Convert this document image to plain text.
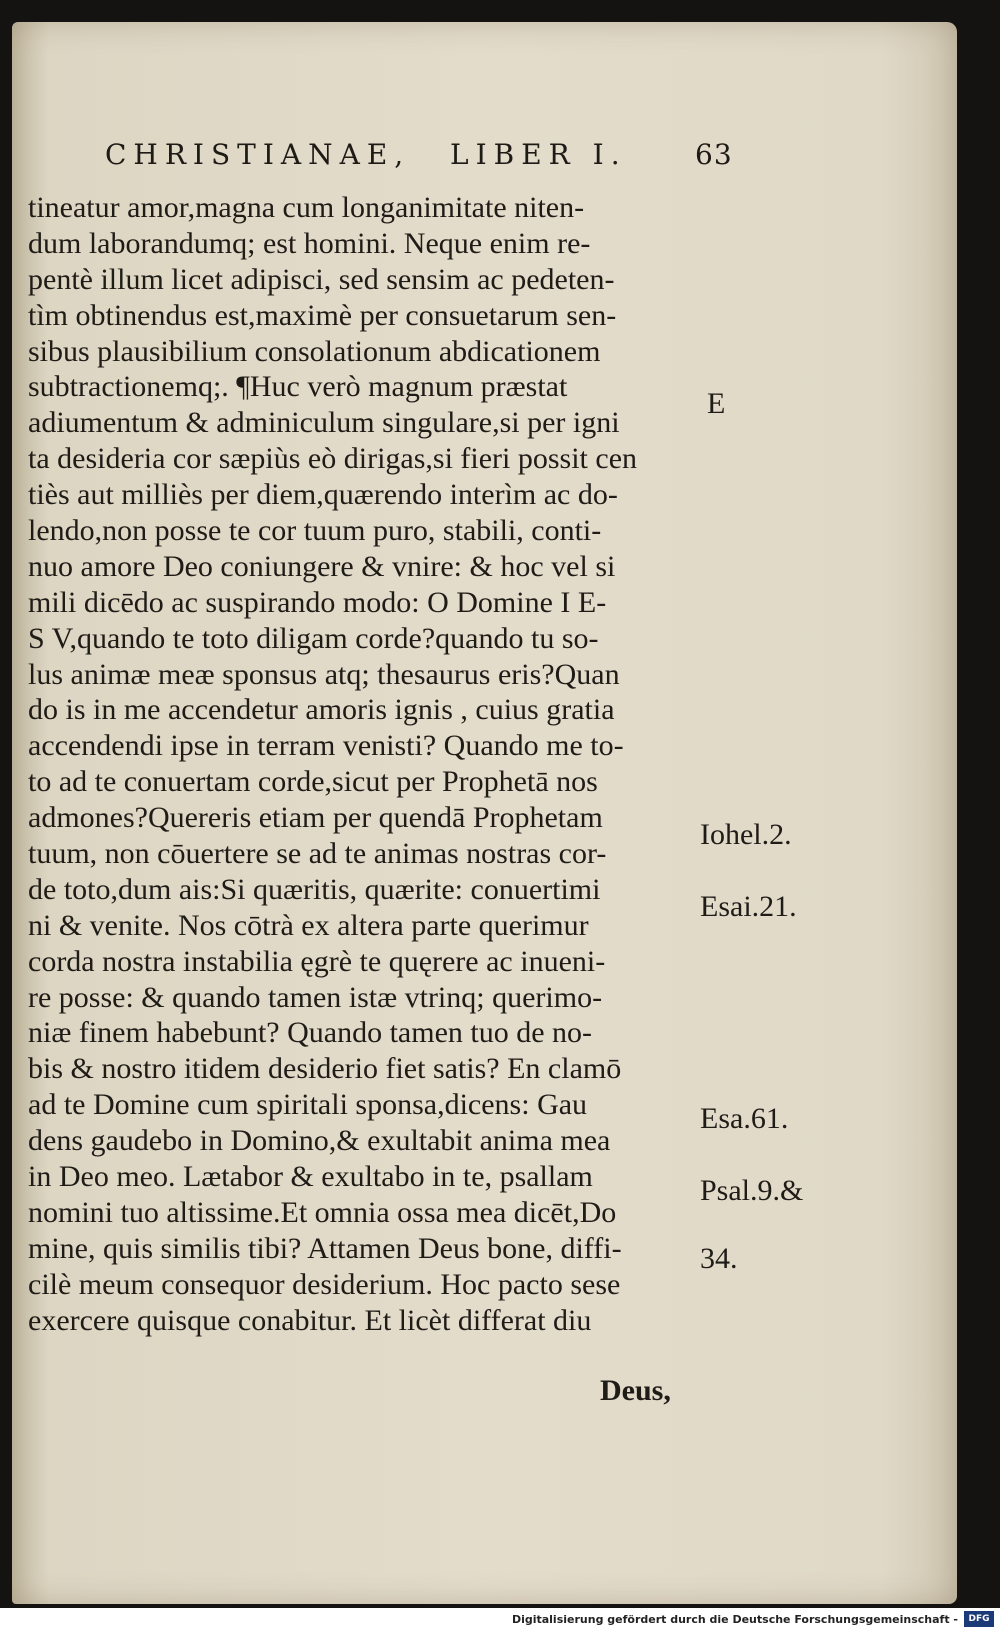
CHRISTIANAE, LIBER I. 63
tineatur amor,magna cum longanimitate niten-
dum laborandumq; est homini. Neque enim re-
pentè illum licet adipisci, sed sensim ac pedeten-
tìm obtinendus est,maximè per consuetarum sen-
sibus plausibilium consolationum abdicationem
subtractionemq;. ¶Huc verò magnum præstat
adiumentum & adminiculum singulare,si per igni
ta desideria cor sæpiùs eò dirigas,si fieri possit cen
tiès aut milliès per diem,quærendo interìm ac do-
lendo,non posse te cor tuum puro, stabili, conti-
nuo amore Deo coniungere & vnire: & hoc vel si
mili dicēdo ac suspirando modo: O Domine I E-
S V,quando te toto diligam corde?quando tu so-
lus animæ meæ sponsus atq; thesaurus eris?Quan
do is in me accendetur amoris ignis , cuius gratia
accendendi ipse in terram venisti? Quando me to-
to ad te conuertam corde,sicut per Prophetā nos
admones?Quereris etiam per quendā Prophetam
tuum, non cōuertere se ad te animas nostras cor-
de toto,dum ais:Si quæritis, quærite: conuertimi
ni & venite. Nos cōtrà ex altera parte querimur
corda nostra instabilia ęgrè te quęrere ac inueni-
re posse: & quando tamen istæ vtrinq; querimo-
niæ finem habebunt? Quando tamen tuo de no-
bis & nostro itidem desiderio fiet satis? En clamō
ad te Domine cum spiritali sponsa,dicens: Gau
dens gaudebo in Domino,& exultabit anima mea
in Deo meo. Lætabor & exultabo in te, psallam
nomini tuo altissime.Et omnia ossa mea dicēt,Do
mine, quis similis tibi? Attamen Deus bone, diffi-
cilè meum consequor desiderium. Hoc pacto sese
exercere quisque conabitur. Et licèt differat diu
E
Iohel.2.
Esai.21.
Esa.61.
Psal.9.&
34.
Deus,
Digitalisierung gefördert durch die Deutsche Forschungsgemeinschaft -	DFG
